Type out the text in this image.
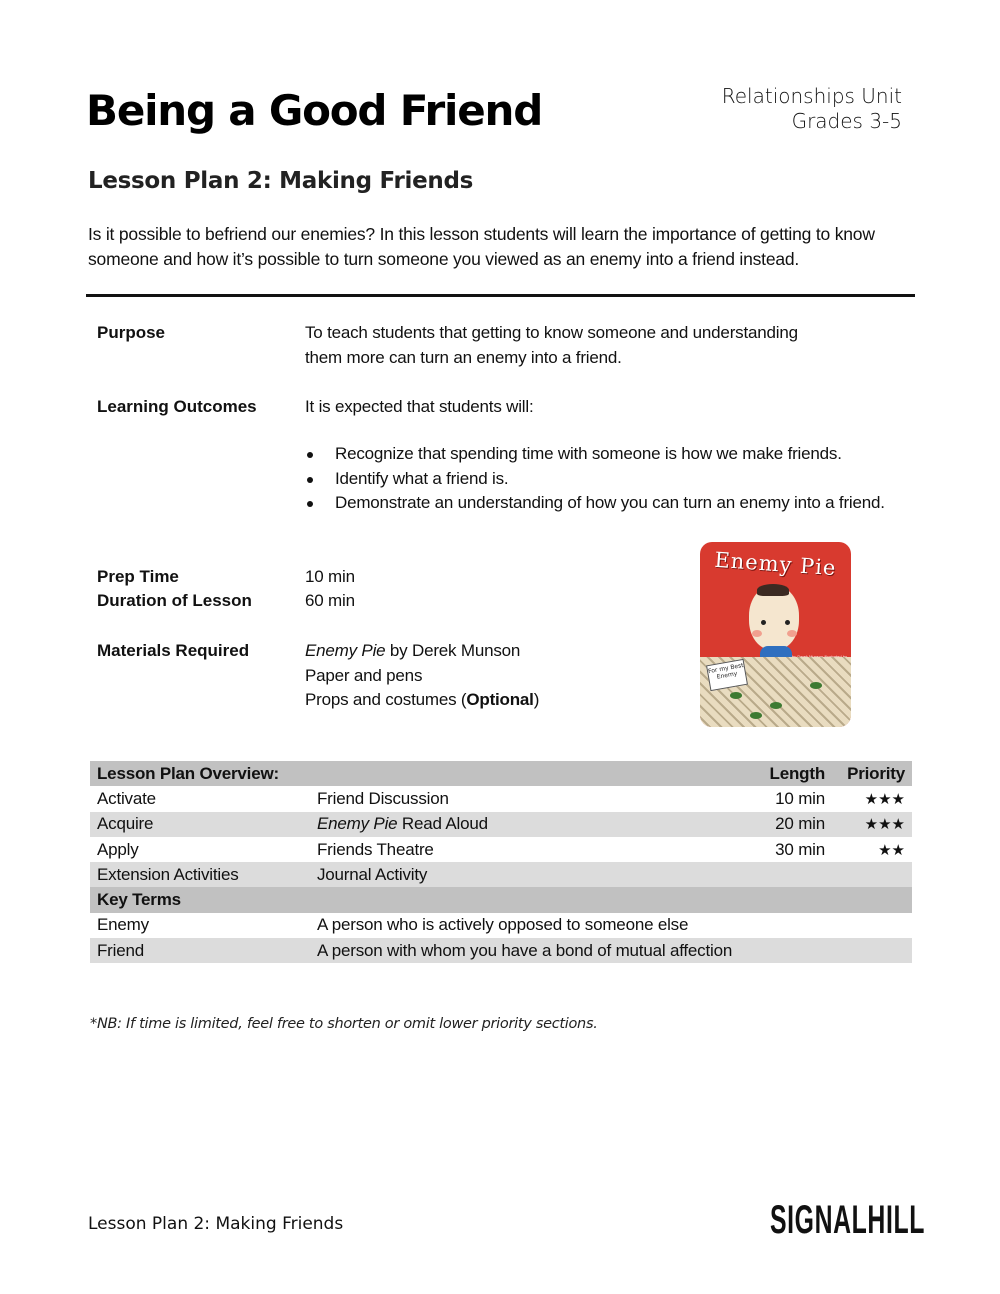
Being a Good Friend	Relationships Unit
Grades 3-5
Lesson Plan 2: Making Friends

Is it possible to befriend our enemies? In this lesson students will learn the importance of getting to know someone and how it’s possible to turn someone you viewed as an enemy into a friend instead.

Purpose	To teach students that getting to know someone and understanding
them more can turn an enemy into a friend.
Learning Outcomes	It is expected that students will:
Recognize that spending time with someone is how we make friends.
Identify what a friend is.
Demonstrate an understanding of how you can turn an enemy into a friend.
Prep Time	10 min
Duration of Lesson	60 min
Materials Required	Enemy Pie by Derek Munson
Paper and pens
Props and costumes (Optional)
Enemy Pie
For my Best Enemy
Lesson Plan Overview:		Length	Priority
Activate	Friend Discussion	10 min	★★★
Acquire	Enemy Pie Read Aloud	20 min	★★★
Apply	Friends Theatre	30 min	★★
Extension Activities	Journal Activity		
Key Terms			
Enemy	A person who is actively opposed to someone else		
Friend	A person with whom you have a bond of mutual affection		
*NB: If time is limited, feel free to shorten or omit lower priority sections.
Lesson Plan 2: Making Friends	SIGNALHILL
